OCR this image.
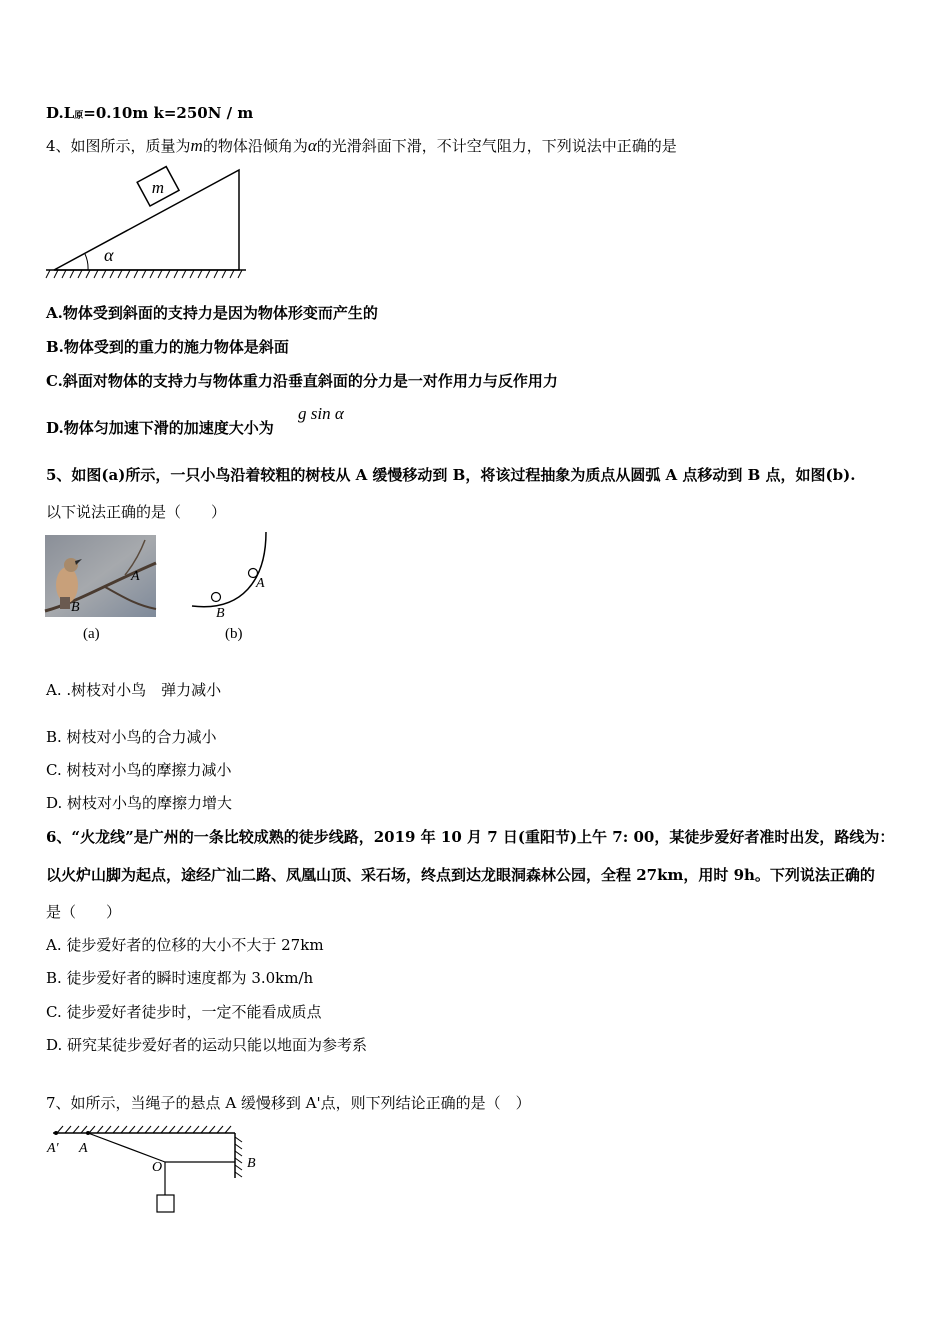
D.L原=0.10m k=250N / m
4、如图所示，质量为m的物体沿倾角为α的光滑斜面下滑，不计空气阻力，下列说法中正确的是
m
α
A.物体受到斜面的支持力是因为物体形变而产生的
B.物体受到的重力的施力物体是斜面
C.斜面对物体的支持力与物体重力沿垂直斜面的分力是一对作用力与反作用力
D.物体匀加速下滑的加速度大小为
g sin α
5、如图(a)所示，一只小鸟沿着较粗的树枝从 A 缓慢移动到 B，将该过程抽象为质点从圆弧 A 点移动到 B 点，如图(b).
以下说法正确的是（　　）
A
B
(a)
A
B
(b)
A. .树枝对小鸟　弹力减小
B. 树枝对小鸟的合力减小
C. 树枝对小鸟的摩擦力减小
D. 树枝对小鸟的摩擦力增大
6、“火龙线”是广州的一条比较成熟的徒步线路，2019 年 10 月 7 日(重阳节)上午 7: 00，某徒步爱好者准时出发，路线为：
以火炉山脚为起点，途经广汕二路、凤凰山顶、采石场，终点到达龙眼洞森林公园，全程 27km，用时 9h。下列说法正确的
是（　　）
A. 徒步爱好者的位移的大小不大于 27km
B. 徒步爱好者的瞬时速度都为 3.0km/h
C. 徒步爱好者徒步时，一定不能看成质点
D. 研究某徒步爱好者的运动只能以地面为参考系
7、如所示，当绳子的悬点 A 缓慢移到 A'点，则下列结论正确的是（　）
A′ A
O	B
